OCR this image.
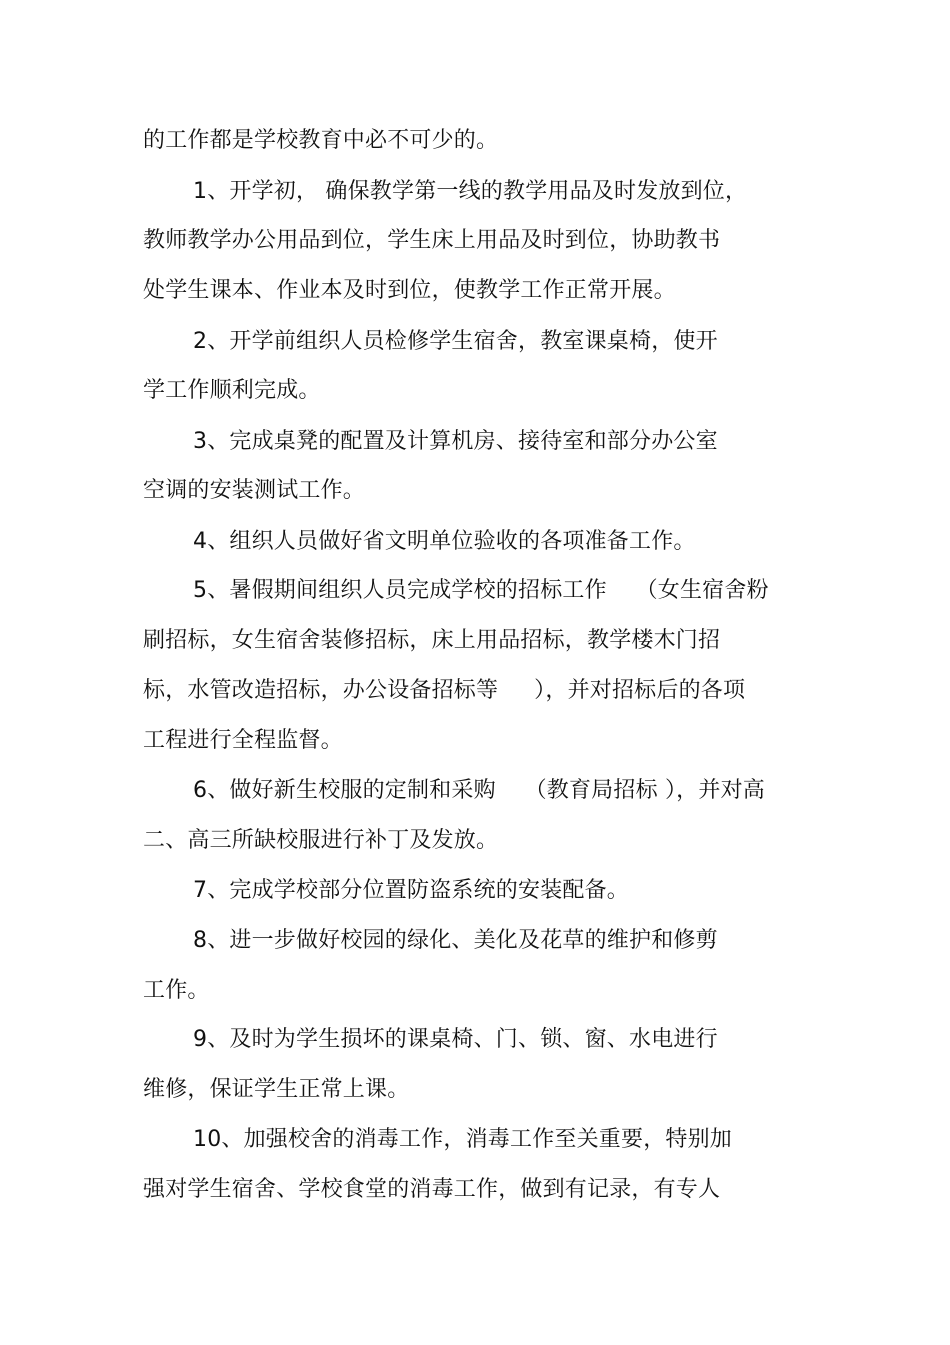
的工作都是学校教育中必不可少的。
1、开学初， 确保教学第一线的教学用品及时发放到位，
教师教学办公用品到位，学生床上用品及时到位，协助教书
处学生课本、作业本及时到位，使教学工作正常开展。
2、开学前组织人员检修学生宿舍，教室课桌椅，使开
学工作顺利完成。
3、完成桌凳的配置及计算机房、接待室和部分办公室
空调的安装测试工作。
4、组织人员做好省文明单位验收的各项准备工作。
5、暑假期间组织人员完成学校的招标工作    （女生宿舍粉
刷招标，女生宿舍装修招标，床上用品招标，教学楼木门招
标，水管改造招标，办公设备招标等     ），并对招标后的各项
工程进行全程监督。
6、做好新生校服的定制和采购    （教育局招标 ），并对高
二、高三所缺校服进行补丁及发放。
7、完成学校部分位置防盗系统的安装配备。
8、进一步做好校园的绿化、美化及花草的维护和修剪
工作。
9、及时为学生损坏的课桌椅、门、锁、窗、水电进行
维修，保证学生正常上课。
10、加强校舍的消毒工作，消毒工作至关重要，特别加
强对学生宿舍、学校食堂的消毒工作，做到有记录，有专人
